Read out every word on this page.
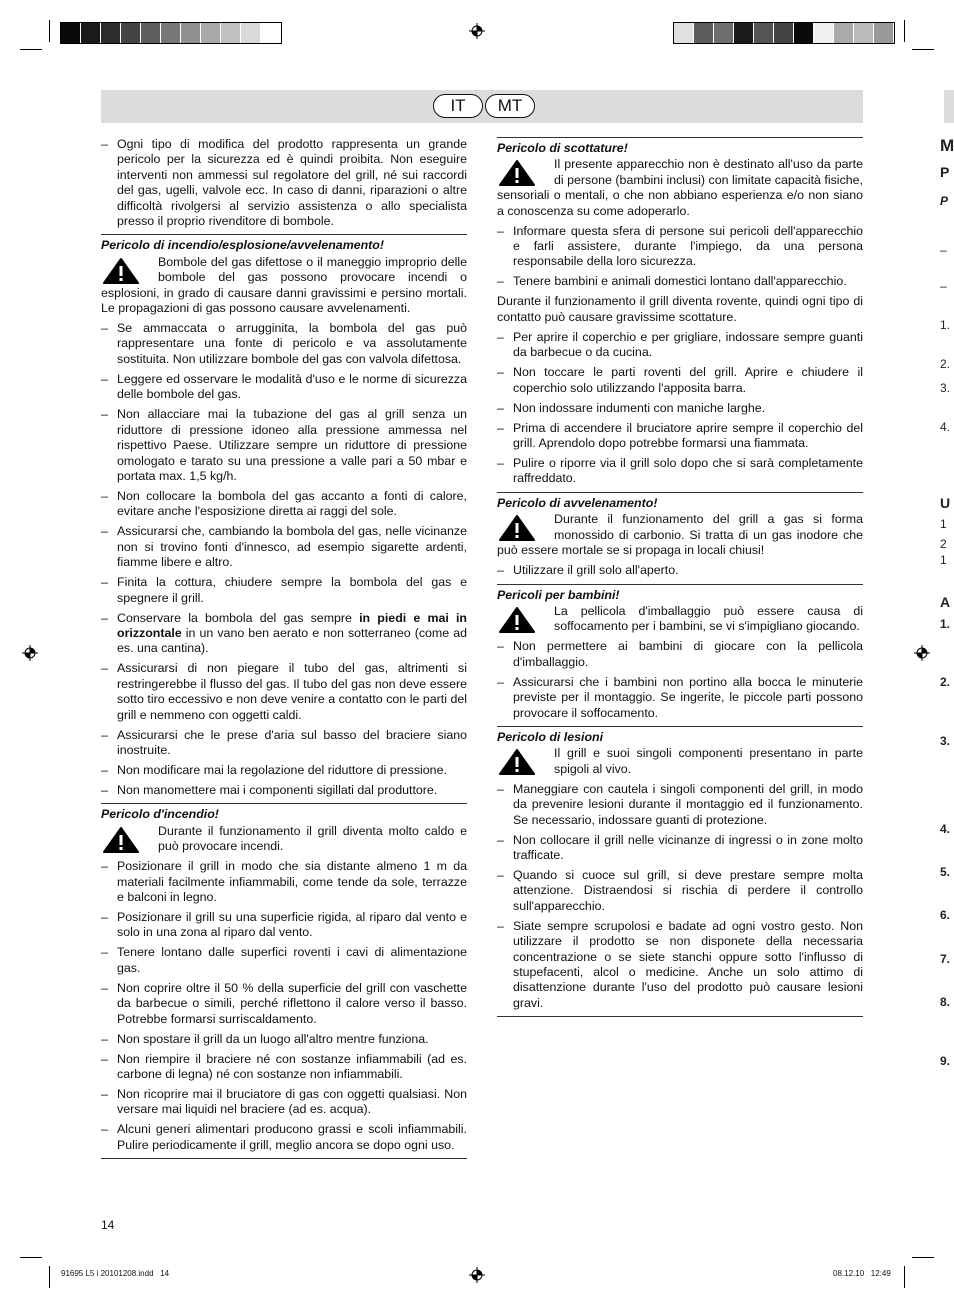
IT	MT
– Ogni tipo di modifica del prodotto rappresenta un grande pericolo per la sicurezza ed è quindi proibita. Non eseguire interventi non ammessi sul regolatore del grill, né sui raccordi del gas, ugelli, valvole ecc. In caso di danni, riparazioni o altre difficoltà rivolgersi al servizio assistenza o allo specialista presso il proprio rivenditore di bombole.
Pericolo di incendio/esplosione/avvelenamento!

Bombole del gas difettose o il maneggio improprio delle bombole del gas possono provocare incendi o esplosioni, in grado di causare danni gravissimi e persino mortali. Le propagazioni di gas possono causare avvelenamenti.

– Se ammaccata o arrugginita, la bombola del gas può rappresentare una fonte di pericolo e va assolutamente sostituita. Non utilizzare bombole del gas con valvola difettosa.
– Leggere ed osservare le modalità d'uso e le norme di sicurezza delle bombole del gas.
– Non allacciare mai la tubazione del gas al grill senza un riduttore di pressione idoneo alla pressione ammessa nel rispettivo Paese. Utilizzare sempre un riduttore di pressione omologato e tarato su una pressione a valle pari a 50 mbar e portata max. 1,5 kg/h.
– Non collocare la bombola del gas accanto a fonti di calore, evitare anche l'esposizione diretta ai raggi del sole.
– Assicurarsi che, cambiando la bombola del gas, nelle vicinanze non si trovino fonti d'innesco, ad esempio sigarette ardenti, fiamme libere e altro.
– Finita la cottura, chiudere sempre la bombola del gas e spegnere il grill.
– Conservare la bombola del gas sempre in piedi e mai in orizzontale in un vano ben aerato e non sotterraneo (come ad es. una cantina).
– Assicurarsi di non piegare il tubo del gas, altrimenti si restringerebbe il flusso del gas. Il tubo del gas non deve essere sotto tiro eccessivo e non deve venire a contatto con le parti del grill e nemmeno con oggetti caldi.
– Assicurarsi che le prese d'aria sul basso del braciere siano inostruite.
– Non modificare mai la regolazione del riduttore di pressione.
– Non manomettere mai i componenti sigillati dal produttore.
Pericolo d'incendio!

Durante il funzionamento il grill diventa molto caldo e può provocare incendi.

– Posizionare il grill in modo che sia distante almeno 1 m da materiali facilmente infiammabili, come tende da sole, terrazze e balconi in legno.
– Posizionare il grill su una superficie rigida, al riparo dal vento e solo in una zona al riparo dal vento.
– Tenere lontano dalle superfici roventi i cavi di alimentazione gas.
– Non coprire oltre il 50 % della superficie del grill con vaschette da barbecue o simili, perché riflettono il calore verso il basso. Potrebbe formarsi surriscaldamento.
– Non spostare il grill da un luogo all'altro mentre funziona.
– Non riempire il braciere né con sostanze infiammabili (ad es. carbone di legna) né con sostanze non infiammabili.
– Non ricoprire mai il bruciatore di gas con oggetti qualsiasi. Non versare mai liquidi nel braciere (ad es. acqua).
– Alcuni generi alimentari producono grassi e scoli infiammabili. Pulire periodicamente il grill, meglio ancora se dopo ogni uso.
Pericolo di scottature!

Il presente apparecchio non è destinato all'uso da parte di persone (bambini inclusi) con limitate capacità fisiche, sensoriali o mentali, o che non abbiano esperienza e/o non siano a conoscenza su come adoperarlo.

– Informare questa sfera di persone sui pericoli dell'apparecchio e farli assistere, durante l'impiego, da una persona responsabile della loro sicurezza.
– Tenere bambini e animali domestici lontano dall'apparecchio.

Durante il funzionamento il grill diventa rovente, quindi ogni tipo di contatto può causare gravissime scottature.

– Per aprire il coperchio e per grigliare, indossare sempre guanti da barbecue o da cucina.
– Non toccare le parti roventi del grill. Aprire e chiudere il coperchio solo utilizzando l'apposita barra.
– Non indossare indumenti con maniche larghe.
– Prima di accendere il bruciatore aprire sempre il coperchio del grill. Aprendolo dopo potrebbe formarsi una fiammata.
– Pulire o riporre via il grill solo dopo che si sarà completamente raffreddato.
Pericolo di avvelenamento!

Durante il funzionamento del grill a gas si forma monossido di carbonio. Si tratta di un gas inodore che può essere mortale se si propaga in locali chiusi!

– Utilizzare il grill solo all'aperto.
Pericoli per bambini!

La pellicola d'imballaggio può essere causa di soffocamento per i bambini, se vi s'impigliano giocando.

– Non permettere ai bambini di giocare con la pellicola d'imballaggio.
– Assicurarsi che i bambini non portino alla bocca le minuterie previste per il montaggio. Se ingerite, le piccole parti possono provocare il soffocamento.
Pericolo di lesioni

Il grill e suoi singoli componenti presentano in parte spigoli al vivo.

– Maneggiare con cautela i singoli componenti del grill, in modo da prevenire lesioni durante il montaggio ed il funzionamento. Se necessario, indossare guanti di protezione.
– Non collocare il grill nelle vicinanze di ingressi o in zone molto trafficate.
– Quando si cuoce sul grill, si deve prestare sempre molta attenzione. Distraendosi si rischia di perdere il controllo sull'apparecchio.
– Siate sempre scrupolosi e badate ad ogni vostro gesto. Non utilizzare il prodotto se non disponete della necessaria concentrazione o se siete stanchi oppure sotto l'influsso di stupefacenti, alcol o medicine. Anche un solo attimo di disattenzione durante l'uso del prodotto può causare lesioni gravi.
M
P
P
–
–
1.
2.
3.
4.
U
1
2
1
A
1.
2.
3.
4.
5.
6.
7.
8.
9.
14
91695 L5 i 20101208.indd   14	08.12.10   12:49
